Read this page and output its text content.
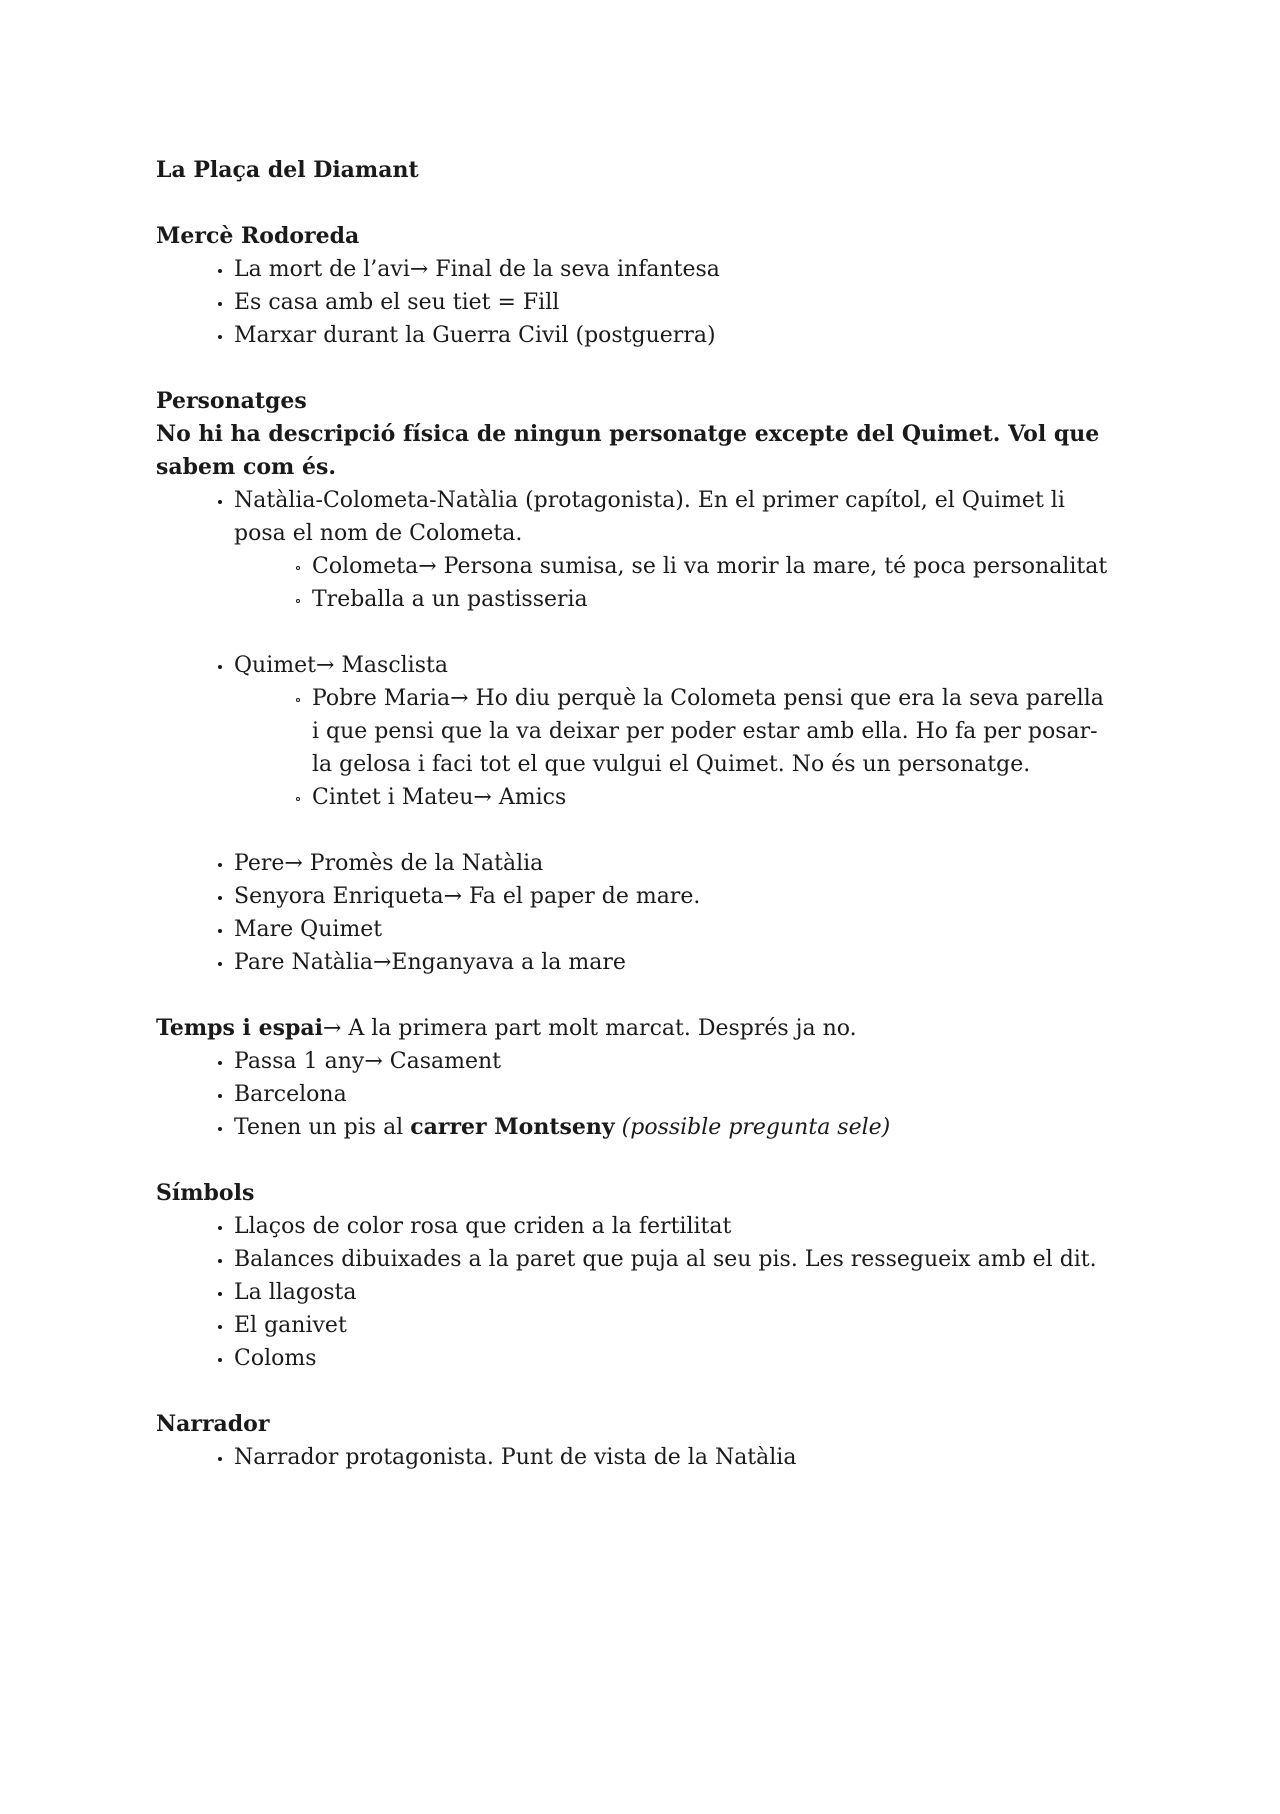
La Plaça del Diamant

Mercè Rodoreda

La mort de l’avi→ Final de la seva infantesa
Es casa amb el seu tiet = Fill
Marxar durant la Guerra Civil (postguerra)

Personatges

No hi ha descripció física de ningun personatge excepte del Quimet. Vol que sabem com és.

Natàlia-Colometa-Natàlia (protagonista). En el primer capítol, el Quimet li posa el nom de Colometa.
Colometa→ Persona sumisa, se li va morir la mare, té poca personalitat
Treballa a un pastisseria
Quimet→ Masclista
Pobre Maria→ Ho diu perquè la Colometa pensi que era la seva parella i que pensi que la va deixar per poder estar amb ella. Ho fa per posar-la gelosa i faci tot el que vulgui el Quimet. No és un personatge.
Cintet i Mateu→ Amics
Pere→ Promès de la Natàlia
Senyora Enriqueta→ Fa el paper de mare.
Mare Quimet
Pare Natàlia→Enganyava a la mare

Temps i espai→ A la primera part molt marcat. Després ja no.

Passa 1 any→ Casament
Barcelona
Tenen un pis al carrer Montseny (possible pregunta sele)

Símbols

Llaços de color rosa que criden a la fertilitat
Balances dibuixades a la paret que puja al seu pis. Les ressegueix amb el dit.
La llagosta
El ganivet
Coloms

Narrador

Narrador protagonista. Punt de vista de la Natàlia
